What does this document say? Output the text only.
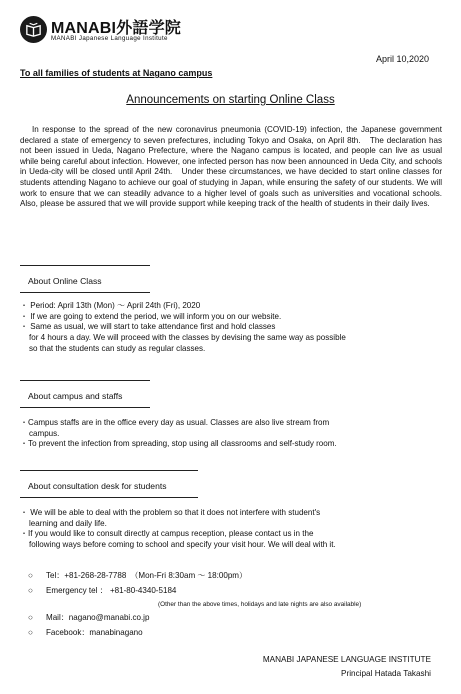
MANABI外語学院
MANABI Japanese Language Institute
April 10,2020
To all families of students at Nagano campus
Announcements on starting Online Class
In response to the spread of the new coronavirus pneumonia (COVID-19) infection, the Japanese government declared a state of emergency to seven prefectures, including Tokyo and Osaka, on April 8th.　The declaration has not been issued in Ueda, Nagano Prefecture, where the Nagano campus is located, and people can live as usual while being careful about infection. However, one infected person has now been announced in Ueda City, and schools in Ueda-city will be closed until April 24th.　Under these circumstances, we have decided to start online classes for students attending Nagano to achieve our goal of studying in Japan, while ensuring the safety of our students. We will work to ensure that we can steadily advance to a higher level of goals such as universities and vocational schools. Also, please be assured that we will provide support while keeping track of the health of students in their daily lives.
About Online Class
・ Period: April 13th (Mon) ～ April 24th (Fri), 2020
・ If we are going to extend the period, we will inform you on our website.
・ Same as usual, we will start to take attendance first and hold classes
for 4 hours a day. We will proceed with the classes by devising the same way as possible
so that the students can study as regular classes.
About campus and staffs
・Campus staffs are in the office every day as usual. Classes are also live stream from
campus.
・To prevent the infection from spreading, stop using all classrooms and self-study room.
About consultation desk for students
・ We will be able to deal with the problem so that it does not interfere with student's
learning and daily life.
・If you would like to consult directly at campus reception, please contact us in the
following ways before coming to school and specify your visit hour. We will deal with it.
○ Tel：+81-268-28-7788　（Mon-Fri 8:30am ～ 18:00pm）
○ Emergency tel ： +81-80-4340-5184
(Other than the above times, holidays and late nights are also available)
○ Mail：nagano@manabi.co.jp
○ Facebook：manabinagano
MANABI JAPANESE LANGUAGE INSTITUTE
Principal Hatada Takashi
